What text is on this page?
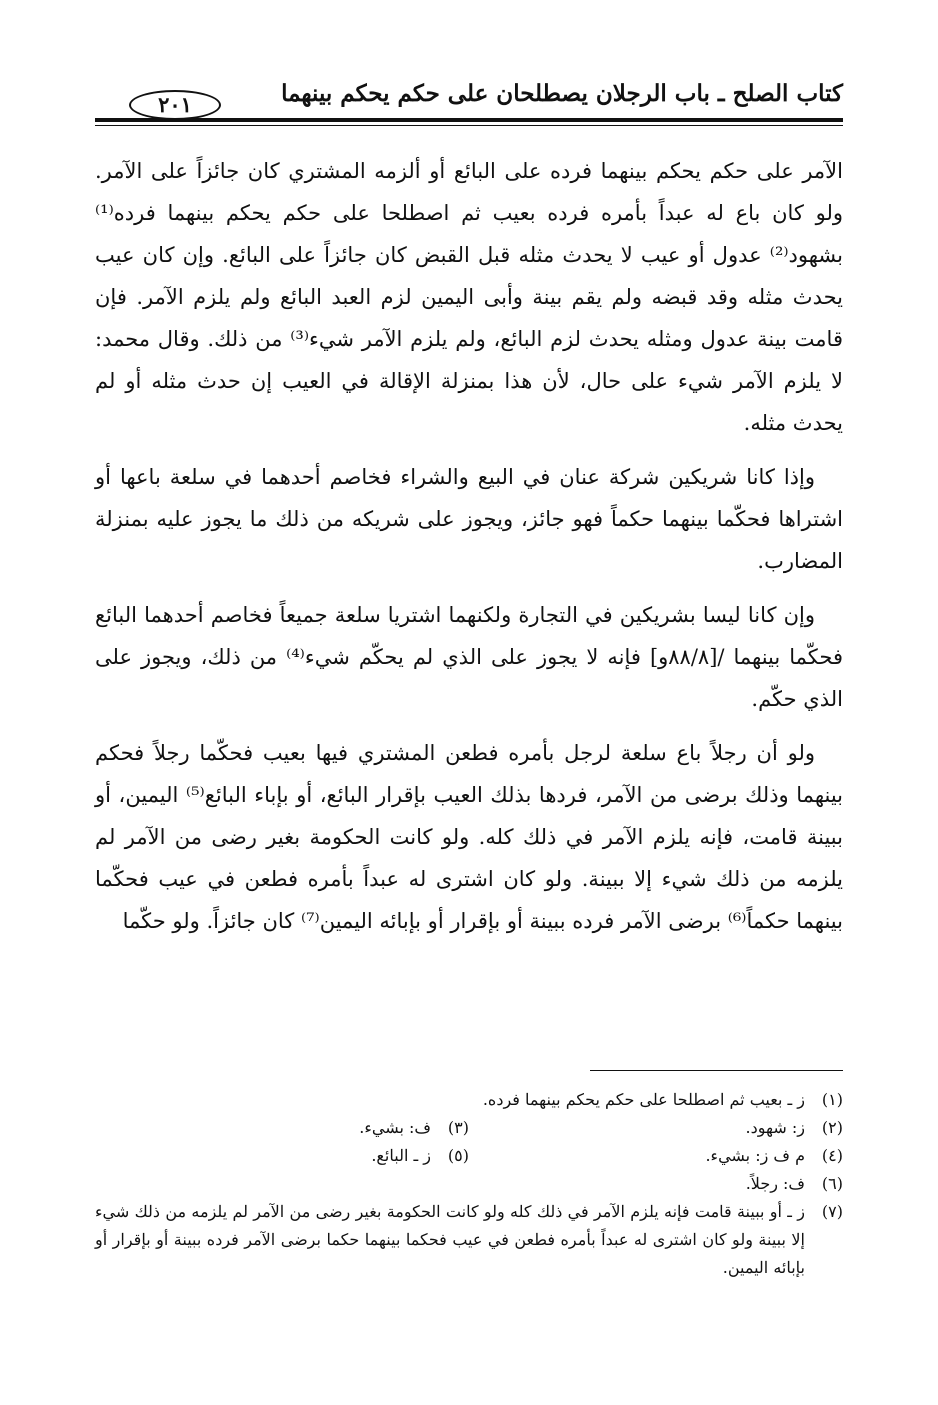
كتاب الصلح ـ باب الرجلان يصطلحان على حكم يحكم بينهما
٢٠١

الآمر على حكم يحكم بينهما فرده على البائع أو ألزمه المشتري كان جائزاً على الآمر. ولو كان باع له عبداً بأمره فرده بعيب ثم اصطلحا على حكم يحكم بينهما فرده⁽¹⁾ بشهود⁽²⁾ عدول أو عيب لا يحدث مثله قبل القبض كان جائزاً على البائع. وإن كان عيب يحدث مثله وقد قبضه ولم يقم بينة وأبى اليمين لزم العبد البائع ولم يلزم الآمر. فإن قامت بينة عدول ومثله يحدث لزم البائع، ولم يلزم الآمر شيء⁽³⁾ من ذلك. وقال محمد: لا يلزم الآمر شيء على حال، لأن هذا بمنزلة الإقالة في العيب إن حدث مثله أو لم يحدث مثله.

وإذا كانا شريكين شركة عنان في البيع والشراء فخاصم أحدهما في سلعة باعها أو اشتراها فحكّما بينهما حكماً فهو جائز، ويجوز على شريكه من ذلك ما يجوز عليه بمنزلة المضارب.

وإن كانا ليسا بشريكين في التجارة ولكنهما اشتريا سلعة جميعاً فخاصم أحدهما البائع فحكّما بينهما /[٨٨/٨و] فإنه لا يجوز على الذي لم يحكّم شيء⁽⁴⁾ من ذلك، ويجوز على الذي حكّم.

ولو أن رجلاً باع سلعة لرجل بأمره فطعن المشتري فيها بعيب فحكّما رجلاً فحكم بينهما وذلك برضى من الآمر، فردها بذلك العيب بإقرار البائع، أو بإباء البائع⁽⁵⁾ اليمين، أو ببينة قامت، فإنه يلزم الآمر في ذلك كله. ولو كانت الحكومة بغير رضى من الآمر لم يلزمه من ذلك شيء إلا ببينة. ولو كان اشترى له عبداً بأمره فطعن في عيب فحكّما بينهما حكماً⁽⁶⁾ برضى الآمر فرده ببينة أو بإقرار أو بإبائه اليمين⁽⁷⁾ كان جائزاً. ولو حكّما

(١)
ز ـ بعيب ثم اصطلحا على حكم يحكم بينهما فرده.
(٢)
ز: شهود.
(٣)
ف: بشيء.
(٤)
م ف ز: بشيء.
(٥)
ز ـ البائع.
(٦)
ف: رجلاً.
(٧)
ز ـ أو ببينة قامت فإنه يلزم الآمر في ذلك كله ولو كانت الحكومة بغير رضى من الآمر لم يلزمه من ذلك شيء إلا ببينة ولو كان اشترى له عبداً بأمره فطعن في عيب فحكما بينهما حكما برضى الآمر فرده ببينة أو بإقرار أو بإبائه اليمين.
